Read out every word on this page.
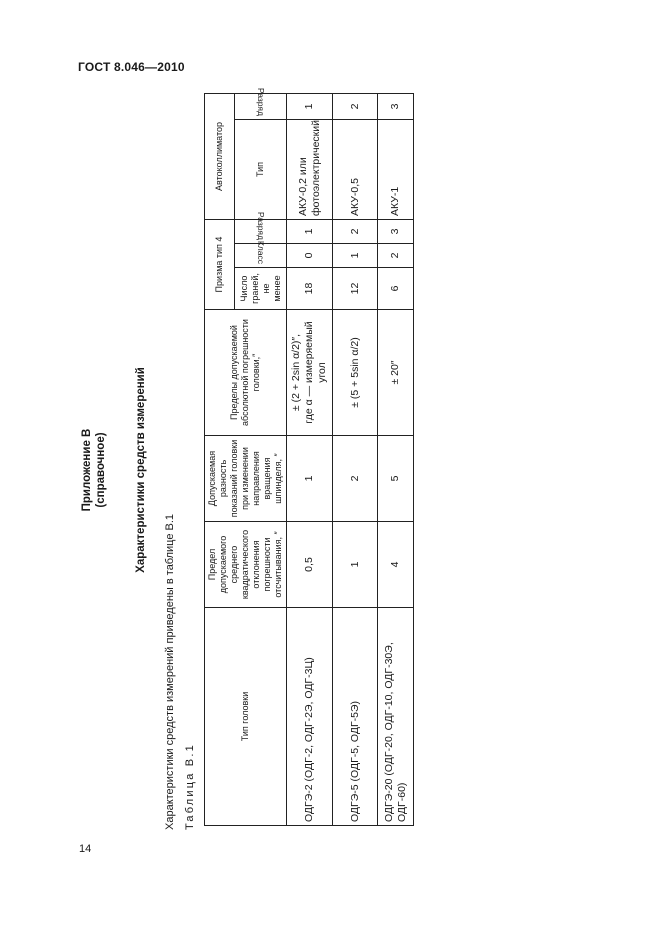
ГОСТ 8.046—2010
14
Приложение В (справочное) Характеристики средств измерений
Характеристики средств измерений приведены в таблице В.1 Таблица В.1
Тип головки	Предел допускаемого среднего квадратического отклонения погрешности отсчитывания, ″	Допускаемая разность показаний головки при изменении направления вращения шпинделя, ″	Пределы допускаемой абсолютной погрешности головки,″	Призма тип 4			Автоколлиматор	
				Число граней, не менее	Класс	Разряд	Тип	Разряд
ОДГЭ-2 (ОДГ-2, ОДГ-2Э, ОДГ-3Ц)	0,5	1	± (2 + 2sin α/2)″, где α — измеряемый угол	18	0	1	АКУ-0,2 или фотоэлектрический	1
ОДГЭ-5 (ОДГ-5, ОДГ-5Э)	1	2	± (5 + 5sin α/2)	12	1	2	АКУ-0,5	2
ОДГЭ-20 (ОДГ-20, ОДГ-10, ОДГ-30Э, ОДГ-60)	4	5	± 20″	6	2	3	АКУ-1	3
